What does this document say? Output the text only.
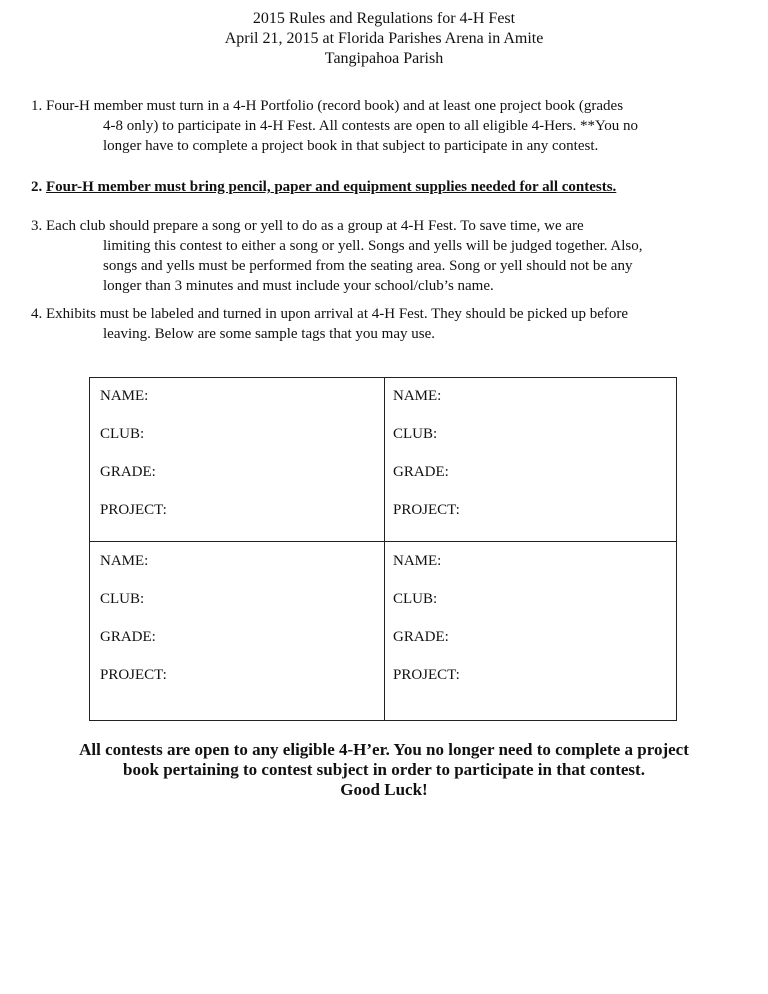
2015 Rules and Regulations for 4-H Fest
April 21, 2015 at Florida Parishes Arena in Amite
Tangipahoa Parish
1. Four-H member must turn in a 4-H Portfolio (record book) and at least one project book (grades
4-8 only) to participate in 4-H Fest. All contests are open to all eligible 4-Hers. **You no
longer have to complete a project book in that subject to participate in any contest.
2. Four-H member must bring pencil, paper and equipment supplies needed for all contests.
3. Each club should prepare a song or yell to do as a group at 4-H Fest. To save time, we are
limiting this contest to either a song or yell. Songs and yells will be judged together. Also,
songs and yells must be performed from the seating area. Song or yell should not be any
longer than 3 minutes and must include your school/club’s name.
4. Exhibits must be labeled and turned in upon arrival at 4-H Fest. They should be picked up before
leaving. Below are some sample tags that you may use.
NAME:
CLUB:
GRADE:
PROJECT:
NAME:
CLUB:
GRADE:
PROJECT:
NAME:
CLUB:
GRADE:
PROJECT:
NAME:
CLUB:
GRADE:
PROJECT:
All contests are open to any eligible 4-H’er. You no longer need to complete a project
book pertaining to contest subject in order to participate in that contest.
Good Luck!
